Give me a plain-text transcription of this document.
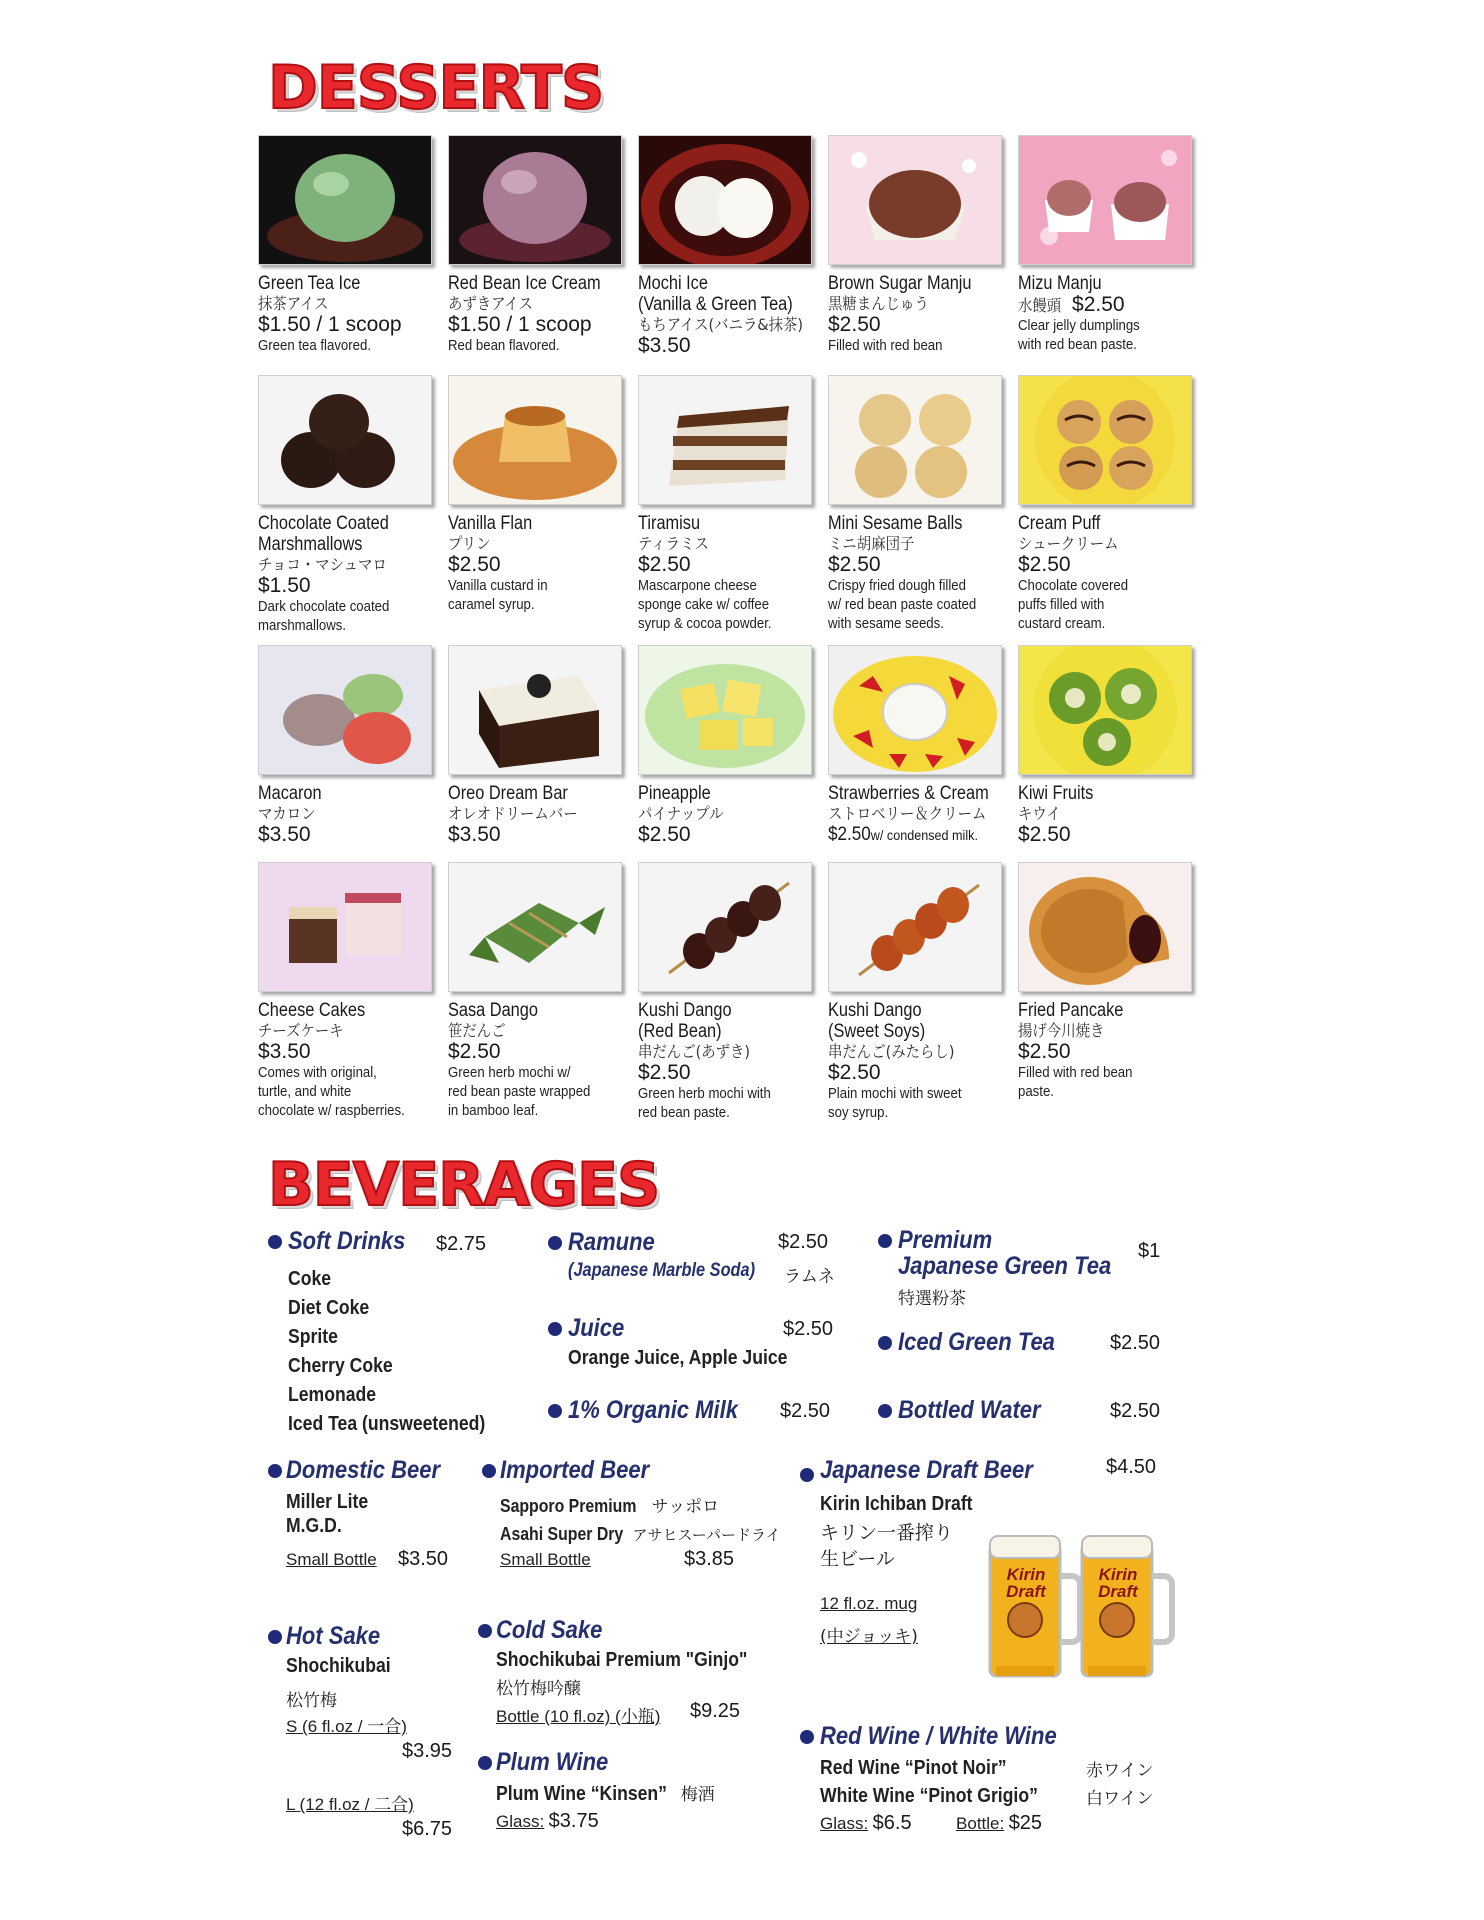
DESSERTS
Green Tea Ice
抹茶アイス
$1.50 / 1 scoop
Green tea flavored.
Red Bean Ice Cream
あずきアイス
$1.50 / 1 scoop
Red bean flavored.
Mochi Ice
(Vanilla & Green Tea)
もちアイス(バニラ&抹茶)
$3.50
Brown Sugar Manju
黒糖まんじゅう
$2.50
Filled with red bean
Mizu Manju
水饅頭 $2.50
Clear jelly dumplings
with red bean paste.
Chocolate Coated
Marshmallows
チョコ・マシュマロ
$1.50
Dark chocolate coated
marshmallows.
Vanilla Flan
プリン
$2.50
Vanilla custard in
caramel syrup.
Tiramisu
ティラミス
$2.50
Mascarpone cheese
sponge cake w/ coffee
syrup & cocoa powder.
Mini Sesame Balls
ミニ胡麻団子
$2.50
Crispy fried dough filled
w/ red bean paste coated
with sesame seeds.
Cream Puff
シュークリーム
$2.50
Chocolate covered
puffs filled with
custard cream.
Macaron
マカロン
$3.50
Oreo Dream Bar
オレオドリームバー
$3.50
Pineapple
パイナップル
$2.50
Strawberries & Cream
ストロベリー＆クリーム
$2.50w/ condensed milk.
Kiwi Fruits
キウイ
$2.50
Cheese Cakes
チーズケーキ
$3.50
Comes with original,
turtle, and white
chocolate w/ raspberries.
Sasa Dango
笹だんご
$2.50
Green herb mochi w/
red bean paste wrapped
in bamboo leaf.
Kushi Dango
(Red Bean)
串だんご(あずき)
$2.50
Green herb mochi with
red bean paste.
Kushi Dango
(Sweet Soys)
串だんご(みたらし)
$2.50
Plain mochi with sweet
soy syrup.
Fried Pancake
揚げ今川焼き
$2.50
Filled with red bean
paste.
BEVERAGES
Soft Drinks $2.75
Coke
Diet Coke
Sprite
Cherry Coke
Lemonade
Iced Tea (unsweetened)
Ramune	$2.50
(Japanese Marble Soda) ラムネ
Juice	$2.50
Orange Juice, Apple Juice
1% Organic Milk $2.50
Premium
Japanese Green Tea
$1
特選粉茶
Iced Green Tea	$2.50
Bottled Water	$2.50
Domestic Beer
Miller Lite
M.G.D.
Small Bottle $3.50
Imported Beer
Sapporo Premium サッポロ
Asahi Super Dry アサヒスーパードライ
Small Bottle	$3.85
Japanese Draft Beer	$4.50
Kirin Ichiban Draft
キリン一番搾り
生ビール
12 fl.oz. mug
(中ジョッキ)
Kirin
Draft
Kirin
Draft
Hot Sake
Shochikubai
松竹梅
S (6 fl.oz / 一合)
$3.95
L (12 fl.oz / 二合)
$6.75
Cold Sake
Shochikubai Premium "Ginjo"
松竹梅吟醸
Bottle (10 fl.oz) (小瓶) $9.25
Plum Wine
Plum Wine “Kinsen” 梅酒
Glass: $3.75
Red Wine / White Wine
Red Wine “Pinot Noir”	赤ワイン
White Wine “Pinot Grigio”	白ワイン
Glass: $6.5	Bottle: $25
